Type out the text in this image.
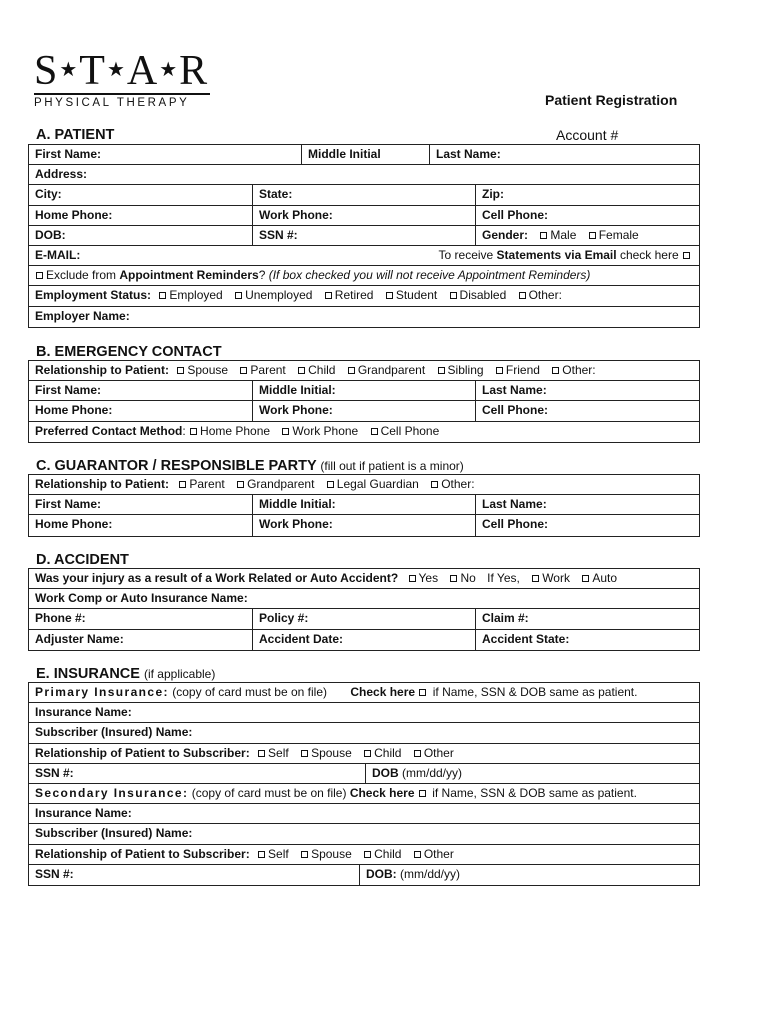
S★T★A★R
PHYSICAL THERAPY	Patient Registration
Account #
A. PATIENT
First Name:	Middle Initial	Last Name:
Address:
City:	State:	Zip:
Home Phone:	Work Phone:	Cell Phone:
DOB:	SSN #:	Gender: Male Female
E-MAIL:	To receive Statements via Email check here
Exclude from Appointment Reminders? (If box checked you will not receive Appointment Reminders)
Employment Status: Employed Unemployed Retired Student Disabled Other:
Employer Name:
B. EMERGENCY CONTACT
Relationship to Patient: Spouse Parent Child Grandparent Sibling Friend Other:
First Name:	Middle Initial:	Last Name:
Home Phone:	Work Phone:	Cell Phone:
Preferred Contact Method: Home Phone Work Phone Cell Phone
C. GUARANTOR / RESPONSIBLE PARTY (fill out if patient is a minor)
Relationship to Patient: Parent Grandparent Legal Guardian Other:
First Name:	Middle Initial:	Last Name:
Home Phone:	Work Phone:	Cell Phone:
D. ACCIDENT
Was your injury as a result of a Work Related or Auto Accident? Yes No If Yes, Work Auto
Work Comp or Auto Insurance Name:
Phone #:	Policy #:	Claim #:
Adjuster Name:	Accident Date:	Accident State:
E. INSURANCE (if applicable)
Primary Insurance: (copy of card must be on file) Check here if Name, SSN & DOB same as patient.
Insurance Name:
Subscriber (Insured) Name:
Relationship of Patient to Subscriber: Self Spouse Child Other
SSN #:	DOB (mm/dd/yy)
Secondary Insurance: (copy of card must be on file) Check here if Name, SSN & DOB same as patient.
Insurance Name:
Subscriber (Insured) Name:
Relationship of Patient to Subscriber: Self Spouse Child Other
SSN #:	DOB: (mm/dd/yy)
